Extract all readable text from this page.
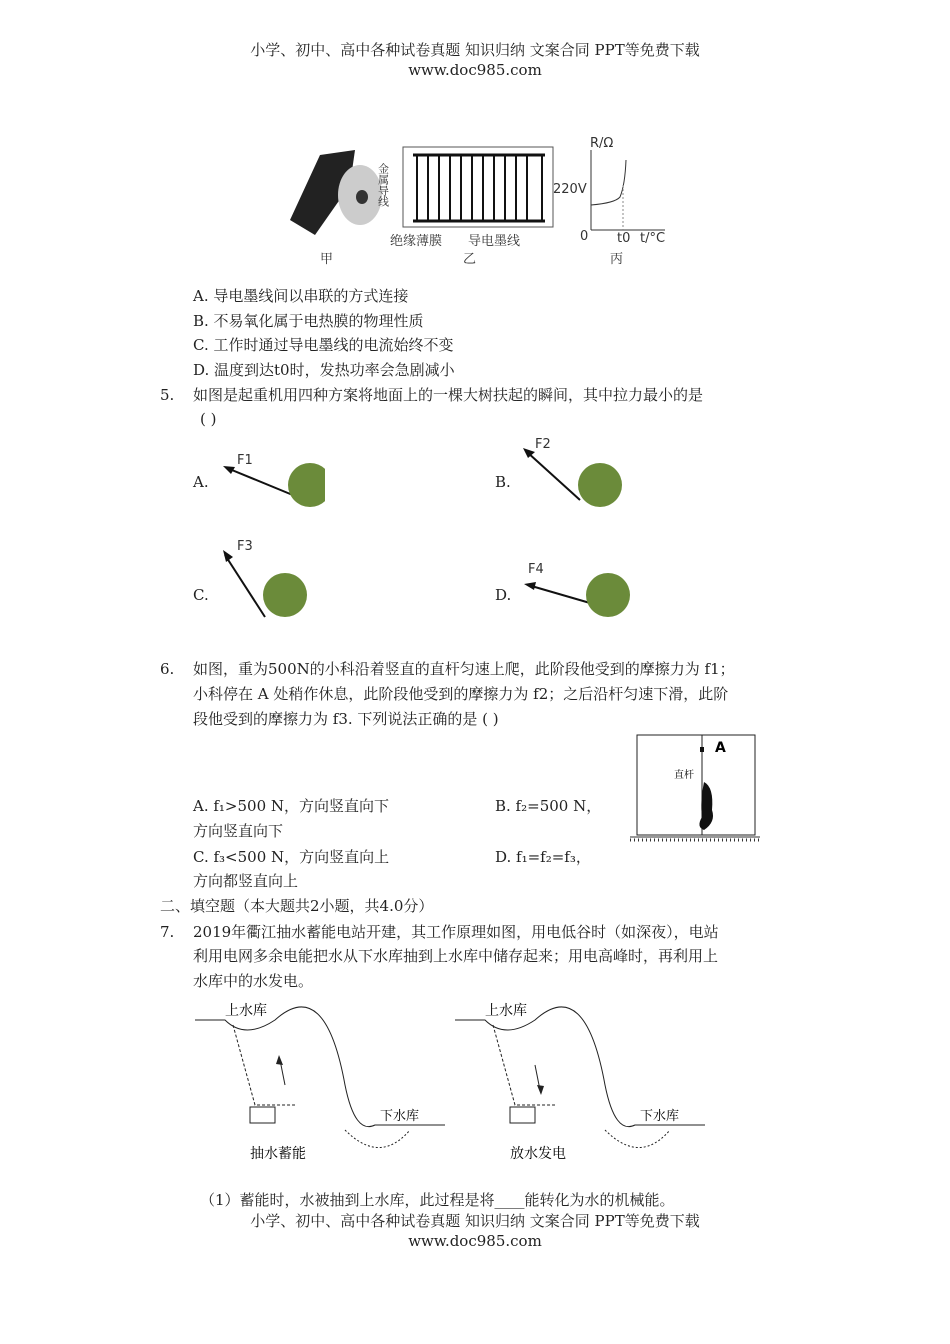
小学、初中、高中各种试卷真题 知识归纳 文案合同 PPT等免费下载
www.doc985.com
甲
金属导线	220V
绝缘薄膜 导电墨线
乙
R/Ω
0 t0 t/°C
丙
A. 导电墨线间以串联的方式连接
B. 不易氧化属于电热膜的物理性质
C. 工作时通过导电墨线的电流始终不变
D. 温度到达t0时，发热功率会急剧减小
5. 如图是起重机用四种方案将地面上的一棵大树扶起的瞬间，其中拉力最小的是
( )
A.
F1
B.
F2
C.
F3
D.
F4
6. 如图，重为500N的小科沿着竖直的直杆匀速上爬，此阶段他受到的摩擦力为 f1；
小科停在 A 处稍作休息，此阶段他受到的摩擦力为 f2；之后沿杆匀速下滑，此阶
段他受到的摩擦力为 f3. 下列说法正确的是 ( )
A
直杆
A. f₁>500 N，方向竖直向下	B. f₂=500 N，
方向竖直向下
C. f₃<500 N，方向竖直向上	D. f₁=f₂=f₃，
方向都竖直向上
二、填空题（本大题共2小题，共4.0分）
7. 2019年衢江抽水蓄能电站开建，其工作原理如图，用电低谷时（如深夜），电站
利用电网多余电能把水从下水库抽到上水库中储存起来；用电高峰时，再利用上
水库中的水发电。
上水库
下水库
抽水蓄能
上水库
下水库
放水发电
（1）蓄能时，水被抽到上水库，此过程是将____能转化为水的机械能。
小学、初中、高中各种试卷真题 知识归纳 文案合同 PPT等免费下载
www.doc985.com
